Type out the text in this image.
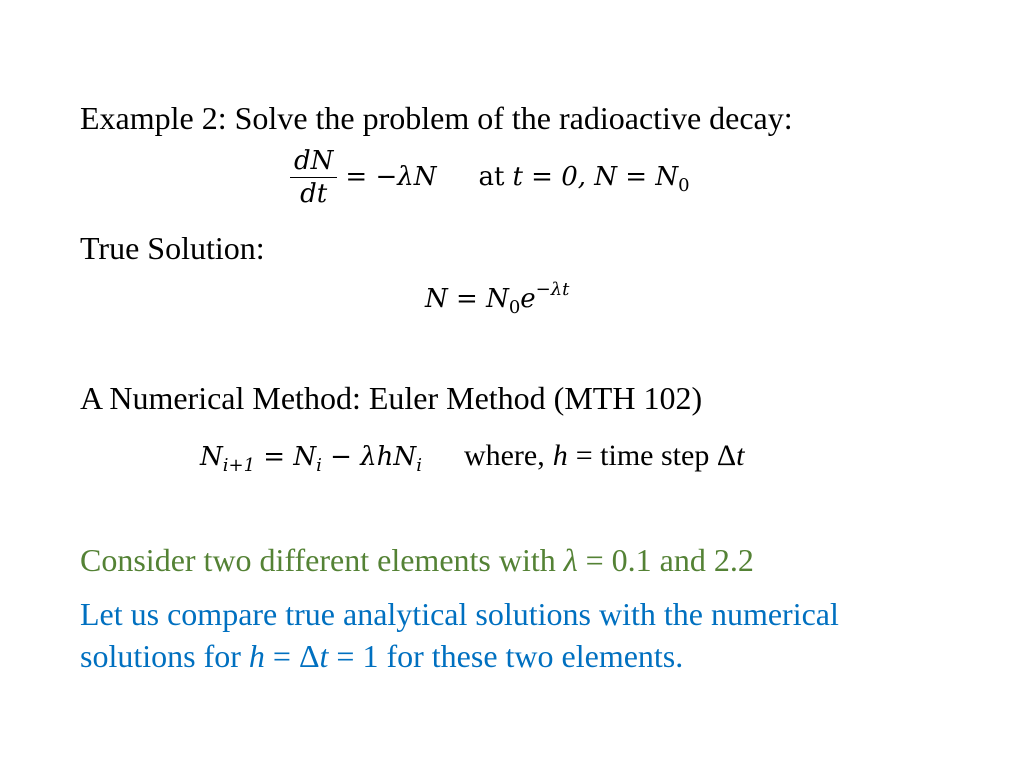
Example 2: Solve the problem of the radioactive decay:
$\frac{dN}{dt} = -\lambda N$ at t = 0, $N = N_0$
True Solution:
$N = N_0e^{-\lambda t}$
A Numerical Method: Euler Method (MTH 102)
$N_{i+1} = N_i - \lambda hN_i$ where, h = time step Δt
Consider two different elements with λ = 0.1 and 2.2
Let us compare true analytical solutions with the numerical
solutions for h = Δt = 1 for these two elements.
